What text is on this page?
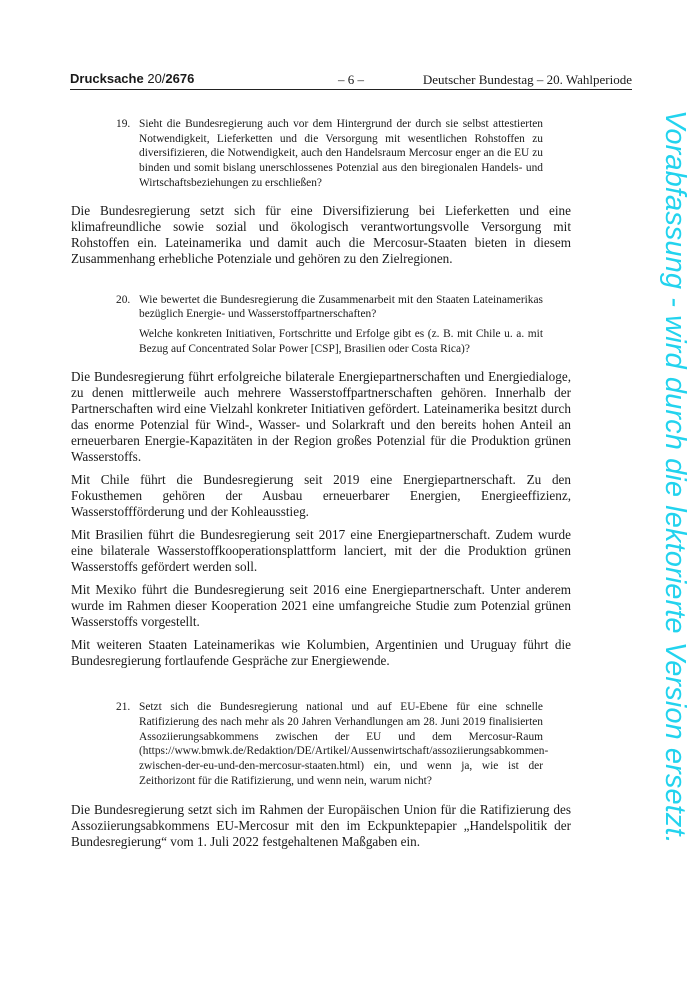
Drucksache 20/2676	– 6 –	Deutscher Bundestag – 20. Wahlperiode
19. Sieht die Bundesregierung auch vor dem Hintergrund der durch sie selbst attestierten Notwendigkeit, Lieferketten und die Versorgung mit wesentlichen Rohstoffen zu diversifizieren, die Notwendigkeit, auch den Handelsraum Mercosur enger an die EU zu binden und somit bislang unerschlossenes Potenzial aus den biregionalen Handels- und Wirtschaftsbeziehungen zu erschließen?

Die Bundesregierung setzt sich für eine Diversifizierung bei Lieferketten und eine klimafreundliche sowie sozial und ökologisch verantwortungsvolle Versorgung mit Rohstoffen ein. Lateinamerika und damit auch die Mercosur-Staaten bieten in diesem Zusammenhang erhebliche Potenziale und gehören zu den Zielregionen.

20. Wie bewertet die Bundesregierung die Zusammenarbeit mit den Staaten Lateinamerikas bezüglich Energie- und Wasserstoffpartnerschaften?

Welche konkreten Initiativen, Fortschritte und Erfolge gibt es (z. B. mit Chile u. a. mit Bezug auf Concentrated Solar Power [CSP], Brasilien oder Costa Rica)?

Die Bundesregierung führt erfolgreiche bilaterale Energiepartnerschaften und Energiedialoge, zu denen mittlerweile auch mehrere Wasserstoffpartnerschaften gehören. Innerhalb der Partnerschaften wird eine Vielzahl konkreter Initiativen gefördert. Lateinamerika besitzt durch das enorme Potenzial für Wind-, Wasser- und Solarkraft und den bereits hohen Anteil an erneuerbaren Energie-Kapazitäten in der Region großes Potenzial für die Produktion grünen Wasserstoffs.

Mit Chile führt die Bundesregierung seit 2019 eine Energiepartnerschaft. Zu den Fokusthemen gehören der Ausbau erneuerbarer Energien, Energieeffizienz, Wasserstoffförderung und der Kohleausstieg.

Mit Brasilien führt die Bundesregierung seit 2017 eine Energiepartnerschaft. Zudem wurde eine bilaterale Wasserstoffkooperationsplattform lanciert, mit der die Produktion grünen Wasserstoffs gefördert werden soll.

Mit Mexiko führt die Bundesregierung seit 2016 eine Energiepartnerschaft. Unter anderem wurde im Rahmen dieser Kooperation 2021 eine umfangreiche Studie zum Potenzial grünen Wasserstoffs vorgestellt.

Mit weiteren Staaten Lateinamerikas wie Kolumbien, Argentinien und Uruguay führt die Bundesregierung fortlaufende Gespräche zur Energiewende.

21. Setzt sich die Bundesregierung national und auf EU-Ebene für eine schnelle Ratifizierung des nach mehr als 20 Jahren Verhandlungen am 28. Juni 2019 finalisierten Assoziierungsabkommens zwischen der EU und dem Mercosur-Raum (https://www.bmwk.de/Redaktion/DE/Artikel/Aussenwirtschaft/assoziierungsabkommen-zwischen-der-eu-und-den-mercosur-staaten.html) ein, und wenn ja, wie ist der Zeithorizont für die Ratifizierung, und wenn nein, warum nicht?

Die Bundesregierung setzt sich im Rahmen der Europäischen Union für die Ratifizierung des Assoziierungsabkommens EU-Mercosur mit den im Eckpunktepapier „Handelspolitik der Bundesregierung“ vom 1. Juli 2022 festgehaltenen Maßgaben ein.	Vorabfassung - wird durch die lektorierte Version ersetzt.
